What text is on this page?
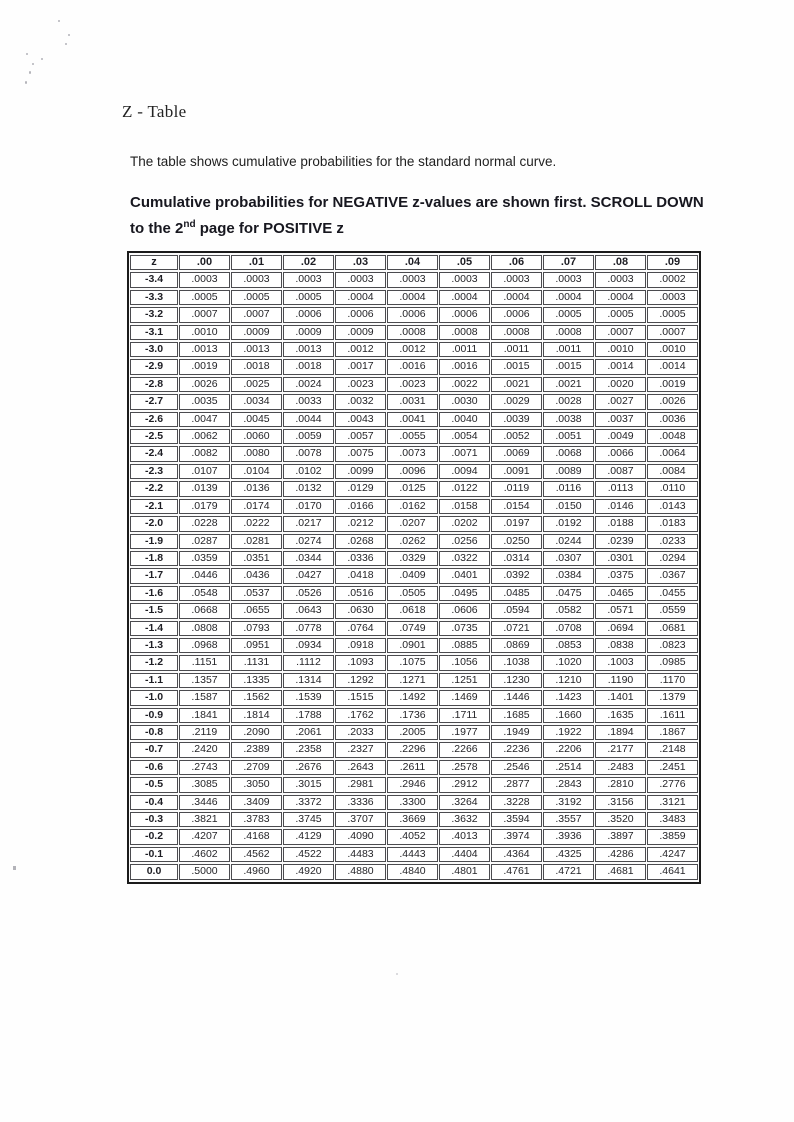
Z - Table

The table shows cumulative probabilities for the standard normal curve.

Cumulative probabilities for NEGATIVE z-values are shown first. SCROLL DOWN to the 2nd page for POSITIVE z

z	.00	.01	.02	.03	.04	.05	.06	.07	.08	.09
-3.4	.0003	.0003	.0003	.0003	.0003	.0003	.0003	.0003	.0003	.0002
-3.3	.0005	.0005	.0005	.0004	.0004	.0004	.0004	.0004	.0004	.0003
-3.2	.0007	.0007	.0006	.0006	.0006	.0006	.0006	.0005	.0005	.0005
-3.1	.0010	.0009	.0009	.0009	.0008	.0008	.0008	.0008	.0007	.0007
-3.0	.0013	.0013	.0013	.0012	.0012	.0011	.0011	.0011	.0010	.0010
-2.9	.0019	.0018	.0018	.0017	.0016	.0016	.0015	.0015	.0014	.0014
-2.8	.0026	.0025	.0024	.0023	.0023	.0022	.0021	.0021	.0020	.0019
-2.7	.0035	.0034	.0033	.0032	.0031	.0030	.0029	.0028	.0027	.0026
-2.6	.0047	.0045	.0044	.0043	.0041	.0040	.0039	.0038	.0037	.0036
-2.5	.0062	.0060	.0059	.0057	.0055	.0054	.0052	.0051	.0049	.0048
-2.4	.0082	.0080	.0078	.0075	.0073	.0071	.0069	.0068	.0066	.0064
-2.3	.0107	.0104	.0102	.0099	.0096	.0094	.0091	.0089	.0087	.0084
-2.2	.0139	.0136	.0132	.0129	.0125	.0122	.0119	.0116	.0113	.0110
-2.1	.0179	.0174	.0170	.0166	.0162	.0158	.0154	.0150	.0146	.0143
-2.0	.0228	.0222	.0217	.0212	.0207	.0202	.0197	.0192	.0188	.0183
-1.9	.0287	.0281	.0274	.0268	.0262	.0256	.0250	.0244	.0239	.0233
-1.8	.0359	.0351	.0344	.0336	.0329	.0322	.0314	.0307	.0301	.0294
-1.7	.0446	.0436	.0427	.0418	.0409	.0401	.0392	.0384	.0375	.0367
-1.6	.0548	.0537	.0526	.0516	.0505	.0495	.0485	.0475	.0465	.0455
-1.5	.0668	.0655	.0643	.0630	.0618	.0606	.0594	.0582	.0571	.0559
-1.4	.0808	.0793	.0778	.0764	.0749	.0735	.0721	.0708	.0694	.0681
-1.3	.0968	.0951	.0934	.0918	.0901	.0885	.0869	.0853	.0838	.0823
-1.2	.1151	.1131	.1112	.1093	.1075	.1056	.1038	.1020	.1003	.0985
-1.1	.1357	.1335	.1314	.1292	.1271	.1251	.1230	.1210	.1190	.1170
-1.0	.1587	.1562	.1539	.1515	.1492	.1469	.1446	.1423	.1401	.1379
-0.9	.1841	.1814	.1788	.1762	.1736	.1711	.1685	.1660	.1635	.1611
-0.8	.2119	.2090	.2061	.2033	.2005	.1977	.1949	.1922	.1894	.1867
-0.7	.2420	.2389	.2358	.2327	.2296	.2266	.2236	.2206	.2177	.2148
-0.6	.2743	.2709	.2676	.2643	.2611	.2578	.2546	.2514	.2483	.2451
-0.5	.3085	.3050	.3015	.2981	.2946	.2912	.2877	.2843	.2810	.2776
-0.4	.3446	.3409	.3372	.3336	.3300	.3264	.3228	.3192	.3156	.3121
-0.3	.3821	.3783	.3745	.3707	.3669	.3632	.3594	.3557	.3520	.3483
-0.2	.4207	.4168	.4129	.4090	.4052	.4013	.3974	.3936	.3897	.3859
-0.1	.4602	.4562	.4522	.4483	.4443	.4404	.4364	.4325	.4286	.4247
0.0	.5000	.4960	.4920	.4880	.4840	.4801	.4761	.4721	.4681	.4641
